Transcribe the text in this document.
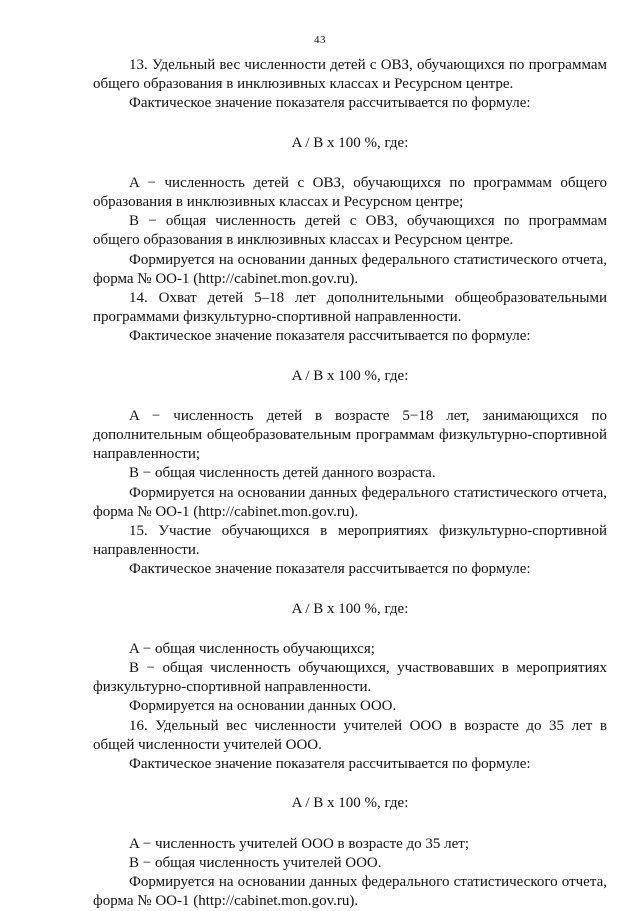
43

13. Удельный вес численности детей с ОВЗ, обучающихся по программам общего образования в инклюзивных классах и Ресурсном центре.

Фактическое значение показателя рассчитывается по формуле:

A / B x 100 %, где:

A − численность детей с ОВЗ, обучающихся по программам общего образования в инклюзивных классах и Ресурсном центре;

B − общая численность детей с ОВЗ, обучающихся по программам общего образования в инклюзивных классах и Ресурсном центре.

Формируется на основании данных федерального статистического отчета, форма № ОО-1 (http://cabinet.mon.gov.ru).

14. Охват детей 5–18 лет дополнительными общеобразовательными программами физкультурно-спортивной направленности.

Фактическое значение показателя рассчитывается по формуле:

A / B x 100 %, где:

A − численность детей в возрасте 5−18 лет, занимающихся по дополнительным общеобразовательным программам физкультурно-спортивной направленности;

B − общая численность детей данного возраста.

Формируется на основании данных федерального статистического отчета, форма № ОО-1 (http://cabinet.mon.gov.ru).

15. Участие обучающихся в мероприятиях физкультурно-спортивной направленности.

Фактическое значение показателя рассчитывается по формуле:

A / B x 100 %, где:

A − общая численность обучающихся;

B − общая численность обучающихся, участвовавших в мероприятиях физкультурно-спортивной направленности.

Формируется на основании данных ООО.

16. Удельный вес численности учителей ООО в возрасте до 35 лет в общей численности учителей ООО.

Фактическое значение показателя рассчитывается по формуле:

A / B x 100 %, где:

A − численность учителей ООО в возрасте до 35 лет;

B − общая численность учителей ООО.

Формируется на основании данных федерального статистического отчета, форма № ОО-1 (http://cabinet.mon.gov.ru).
